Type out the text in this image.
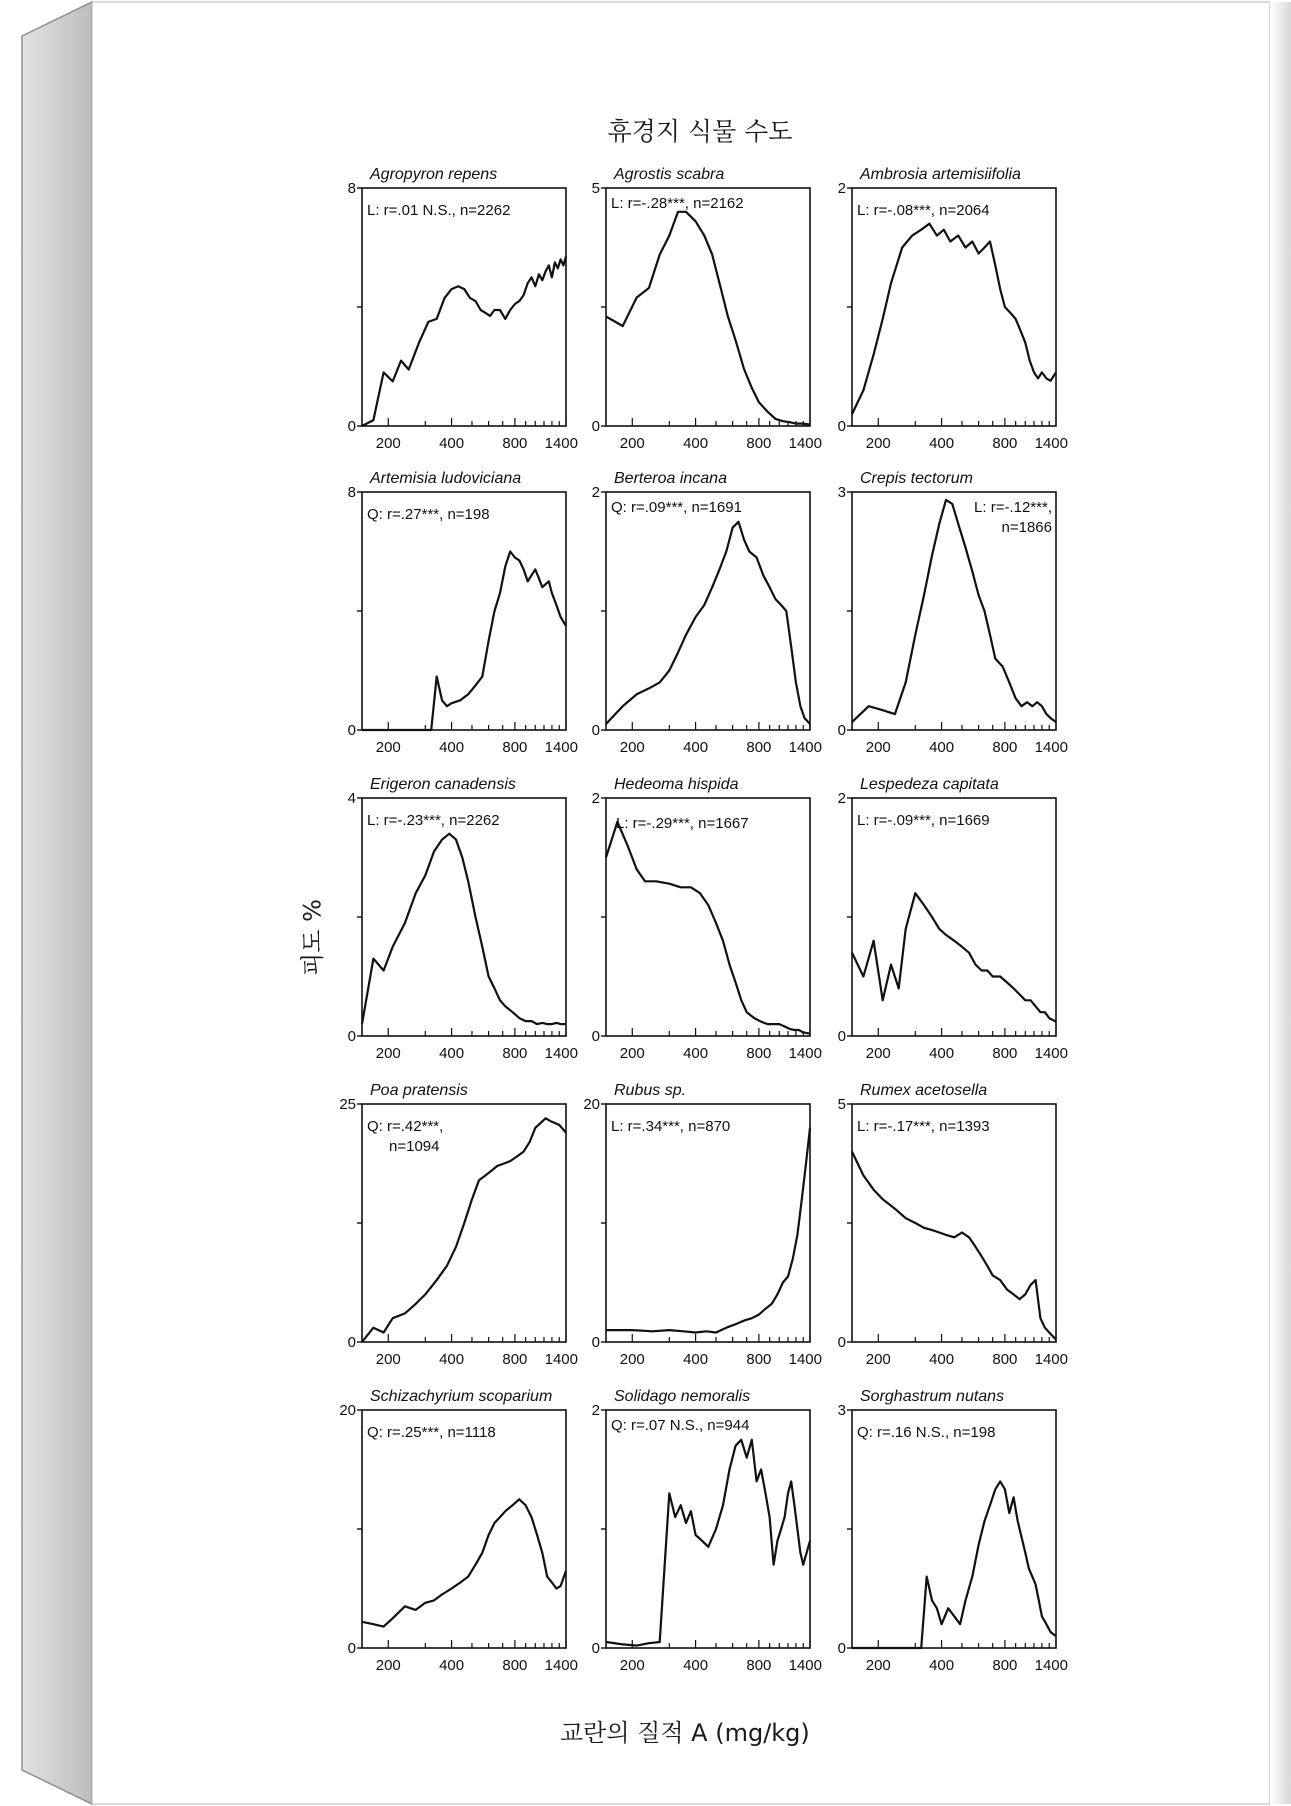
휴경지 식물 수도
피도 %
교란의 질적 A (mg/kg)
Agropyron repens
8
0
200	400	800 1400
L: r=.01 N.S., n=2262
Agrostis scabra
5
0
200	400	800 1400
L: r=-.28***, n=2162
Ambrosia artemisiifolia
2
0
200	400	800 1400
L: r=-.08***, n=2064
Artemisia ludoviciana
8
0
200	400	800 1400
Q: r=.27***, n=198
Berteroa incana
2
0
200	400	800 1400
Q: r=.09***, n=1691
Crepis tectorum
3
0
200	400	800 1400
L: r=-.12***,
n=1866
Erigeron canadensis
4
0
200	400	800 1400
L: r=-.23***, n=2262
Hedeoma hispida
2
0
200	400	800 1400
L: r=-.29***, n=1667
Lespedeza capitata
2
0
200	400	800 1400
L: r=-.09***, n=1669
Poa pratensis
25
0
200	400	800 1400
Q: r=.42***,
n=1094
Rubus sp.
20
0
200	400	800 1400
L: r=.34***, n=870
Rumex acetosella
5
0
200	400	800 1400
L: r=-.17***, n=1393
Schizachyrium scoparium
20
0
200	400	800 1400
Q: r=.25***, n=1118
Solidago nemoralis
2
0
200	400	800 1400
Q: r=.07 N.S., n=944
Sorghastrum nutans
3
0
200	400	800 1400
Q: r=.16 N.S., n=198
